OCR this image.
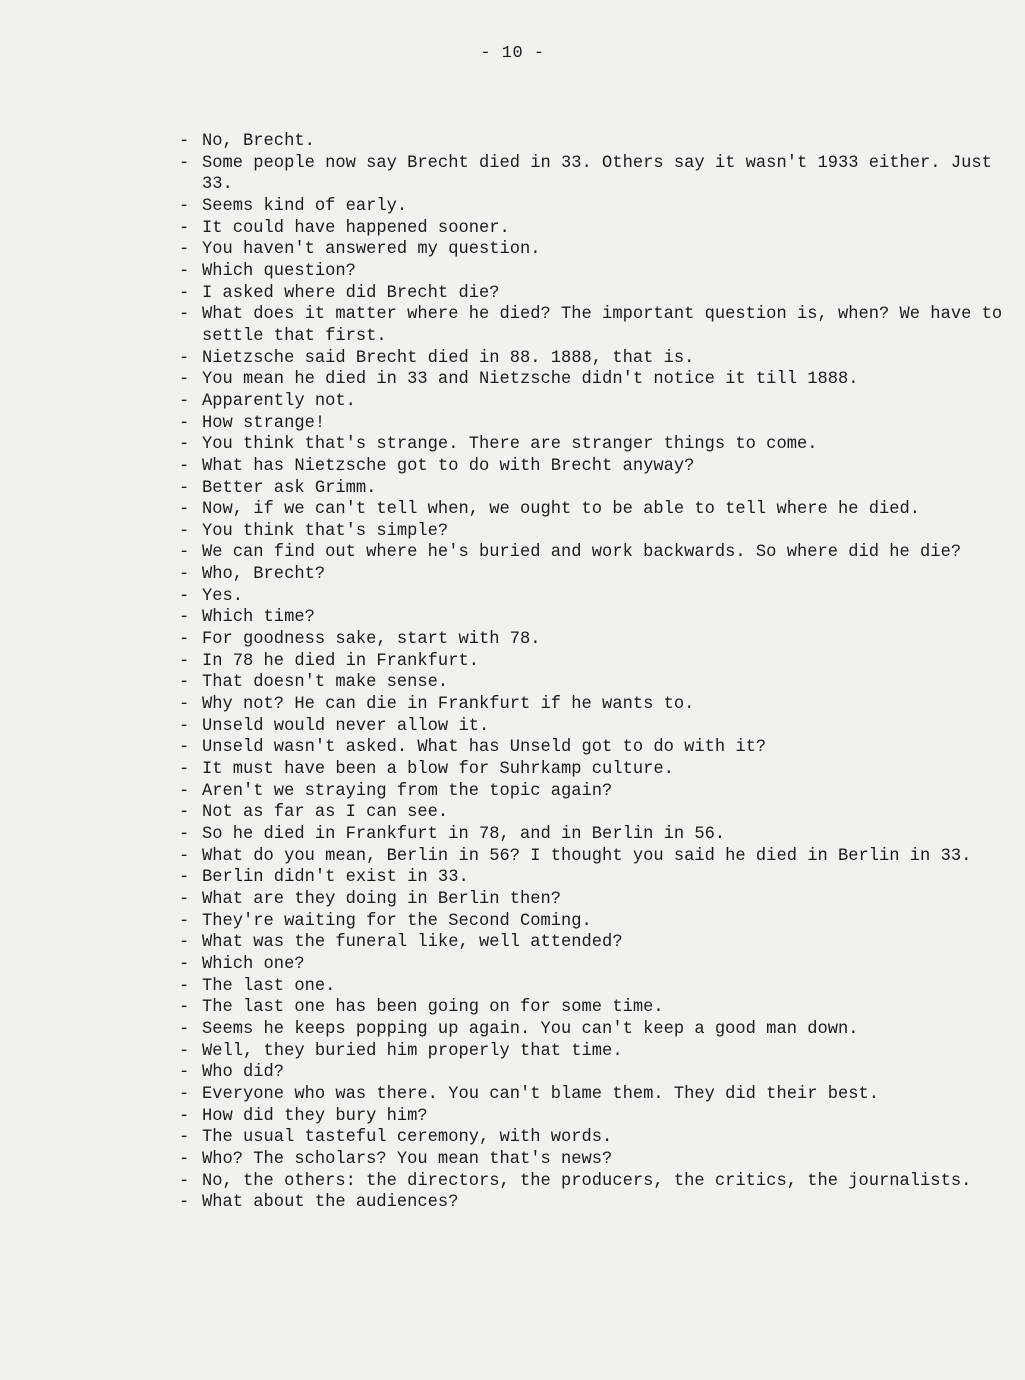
- 10 -
- No, Brecht.
- Some people now say Brecht died in 33. Others say it wasn't 1933 either. Just 33.
- Seems kind of early.
- It could have happened sooner.
- You haven't answered my question.
- Which question?
- I asked where did Brecht die?
- What does it matter where he died? The important question is, when? We have to settle that first.
- Nietzsche said Brecht died in 88. 1888, that is.
- You mean he died in 33 and Nietzsche didn't notice it till 1888.
- Apparently not.
- How strange!
- You think that's strange. There are stranger things to come.
- What has Nietzsche got to do with Brecht anyway?
- Better ask Grimm.
- Now, if we can't tell when, we ought to be able to tell where he died.
- You think that's simple?
- We can find out where he's buried and work backwards. So where did he die?
- Who, Brecht?
- Yes.
- Which time?
- For goodness sake, start with 78.
- In 78 he died in Frankfurt.
- That doesn't make sense.
- Why not? He can die in Frankfurt if he wants to.
- Unseld would never allow it.
- Unseld wasn't asked. What has Unseld got to do with it?
- It must have been a blow for Suhrkamp culture.
- Aren't we straying from the topic again?
- Not as far as I can see.
- So he died in Frankfurt in 78, and in Berlin in 56.
- What do you mean, Berlin in 56? I thought you said he died in Berlin in 33.
- Berlin didn't exist in 33.
- What are they doing in Berlin then?
- They're waiting for the Second Coming.
- What was the funeral like, well attended?
- Which one?
- The last one.
- The last one has been going on for some time.
- Seems he keeps popping up again. You can't keep a good man down.
- Well, they buried him properly that time.
- Who did?
- Everyone who was there. You can't blame them. They did their best.
- How did they bury him?
- The usual tasteful ceremony, with words.
- Who? The scholars? You mean that's news?
- No, the others: the directors, the producers, the critics, the journalists.
- What about the audiences?
